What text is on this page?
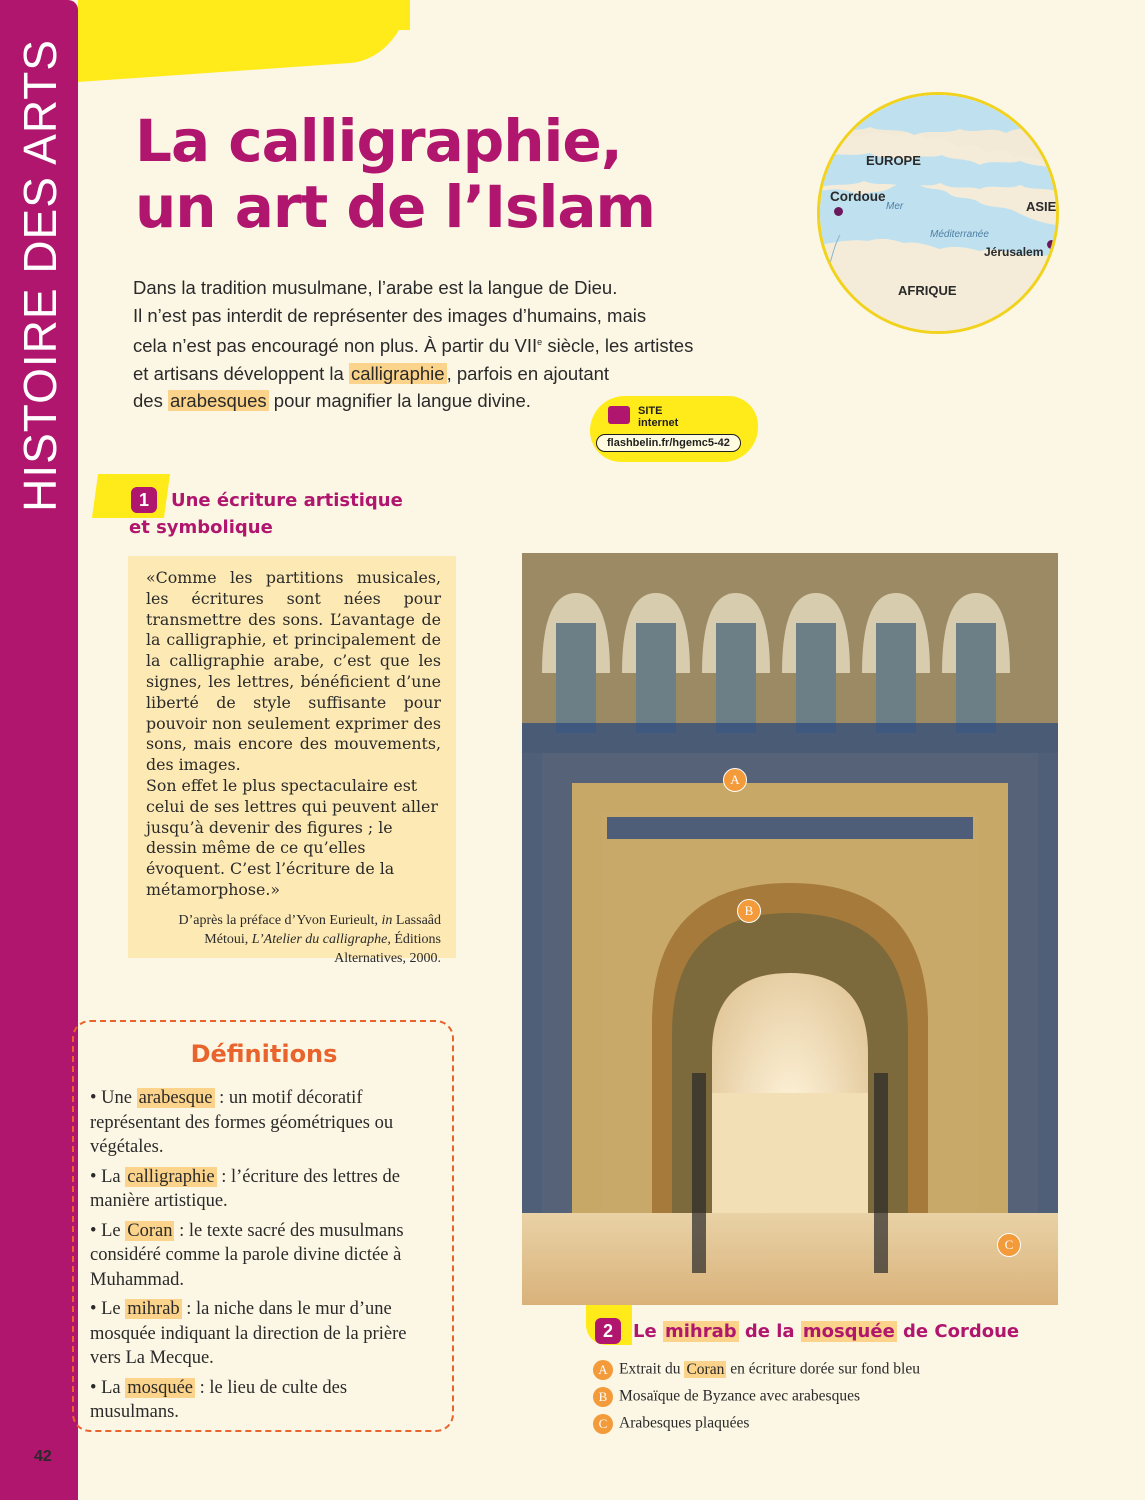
HISTOIRE DES ARTS La calligraphie,
un art de l’Islam
Dans la tradition musulmane, l’arabe est la langue de Dieu.
Il n’est pas interdit de représenter des images d’humains, mais
cela n’est pas encouragé non plus. À partir du VIIe siècle, les artistes
et artisans développent la calligraphie , parfois en ajoutant
des arabesques pour magnifier la langue divine.
EUROPE
Cordoue
Mer
Méditerranée
ASIE
Jérusalem
AFRIQUE
SITE
internet
flashbelin.fr/hgemc5-42
1	Une écriture artistique
et symbolique

«Comme les partitions musicales, les écritures sont nées pour transmettre des sons. L’avantage de la calligraphie, et principalement de la calligraphie arabe, c’est que les signes, les lettres, bénéficient d’une liberté de style suffisante pour pouvoir non seulement exprimer des sons, mais encore des mouvements, des images.

Son effet le plus spectaculaire est celui de ses lettres qui peuvent aller jusqu’à devenir des figures ; le dessin même de ce qu’elles évoquent. C’est l’écriture de la métamorphose.»

D’après la préface d’Yvon Eurieult, in Lassaâd Métoui, L’Atelier du calligraphe, Éditions Alternatives, 2000.
Définitions
• Une arabesque : un motif décoratif représentant des formes géométriques ou végétales.
• La calligraphie : l’écriture des lettres de manière artistique.
• Le Coran : le texte sacré des musulmans considéré comme la parole divine dictée à Muhammad.
• Le mihrab : la niche dans le mur d’une mosquée indiquant la direction de la prière vers La Mecque.
• La mosquée : le lieu de culte des musulmans.
A
B
C
2	Le mihrab de la mosquée de Cordoue
A Extrait du Coran en écriture dorée sur fond bleu
B Mosaïque de Byzance avec arabesques
C Arabesques plaquées
42
